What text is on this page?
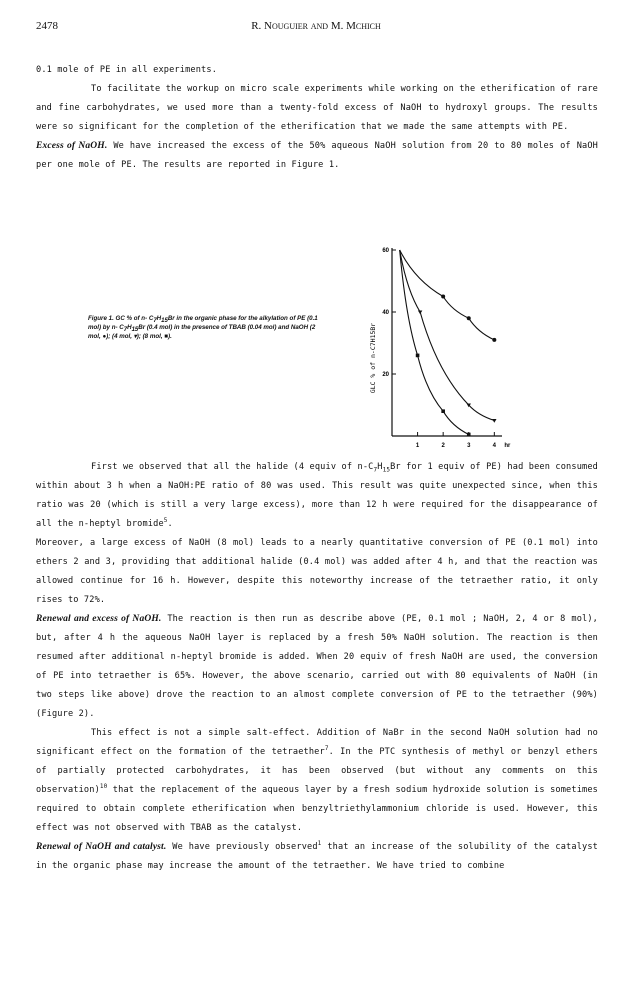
2478	R. Nouguier and M. Mchich

0.1 mole of PE in all experiments.

To facilitate the workup on micro scale experiments while working on the etherification of rare and fine carbohydrates, we used more than a twenty-fold excess of NaOH to hydroxyl groups. The results were so significant for the completion of the etherification that we made the same attempts with PE.

Excess of NaOH. We have increased the excess of the 50% aqueous NaOH solution from 20 to 80 moles of NaOH per one mole of PE. The results are reported in Figure 1.

Figure 1. GC % of n- $C_7H_{15}Br$ in the organic phase for the alkylation of PE (0.1 mol) by n- $C_7H_{15}Br$ (0.4 mol) in the presence of TBAB (0.04 mol) and NaOH (2 mol, ●); (4 mol, ▾); (8 mol, ■).
1	2	3	4 hr
20
40
60
GLC % of n-C7H15Br

First we observed that all the halide (4 equiv of $n-C_7H_{15}Br$ for 1 equiv of PE) had been consumed within about 3 h when a NaOH:PE ratio of 80 was used. This result was quite unexpected since, when this ratio was 20 (which is still a very large excess), more than 12 h were required for the disappearance of all the n-heptyl bromide$^5$.

Moreover, a large excess of NaOH (8 mol) leads to a nearly quantitative conversion of PE (0.1 mol) into ethers 2 and 3, providing that additional halide (0.4 mol) was added after 4 h, and that the reaction was allowed continue for 16 h. However, despite this noteworthy increase of the tetraether ratio, it only rises to 72%.

Renewal and excess of NaOH. The reaction is then run as describe above (PE, 0.1 mol ; NaOH, 2, 4 or 8 mol), but, after 4 h the aqueous NaOH layer is replaced by a fresh 50% NaOH solution. The reaction is then resumed after additional n-heptyl bromide is added. When 20 equiv of fresh NaOH are used, the conversion of PE into tetraether is 65%. However, the above scenario, carried out with 80 equivalents of NaOH (in two steps like above) drove the reaction to an almost complete conversion of PE to the tetraether (90%) (Figure 2).

This effect is not a simple salt-effect. Addition of NaBr in the second NaOH solution had no significant effect on the formation of the tetraether$^7$. In the PTC synthesis of methyl or benzyl ethers of partially protected carbohydrates, it has been observed (but without any comments on this observation)$^{10}$ that the replacement of the aqueous layer by a fresh sodium hydroxide solution is sometimes required to obtain complete etherification when benzyltriethylammonium chloride is used. However, this effect was not observed with TBAB as the catalyst.

Renewal of NaOH and catalyst. We have previously observed$^1$ that an increase of the solubility of the catalyst in the organic phase may increase the amount of the tetraether. We have tried to combine
